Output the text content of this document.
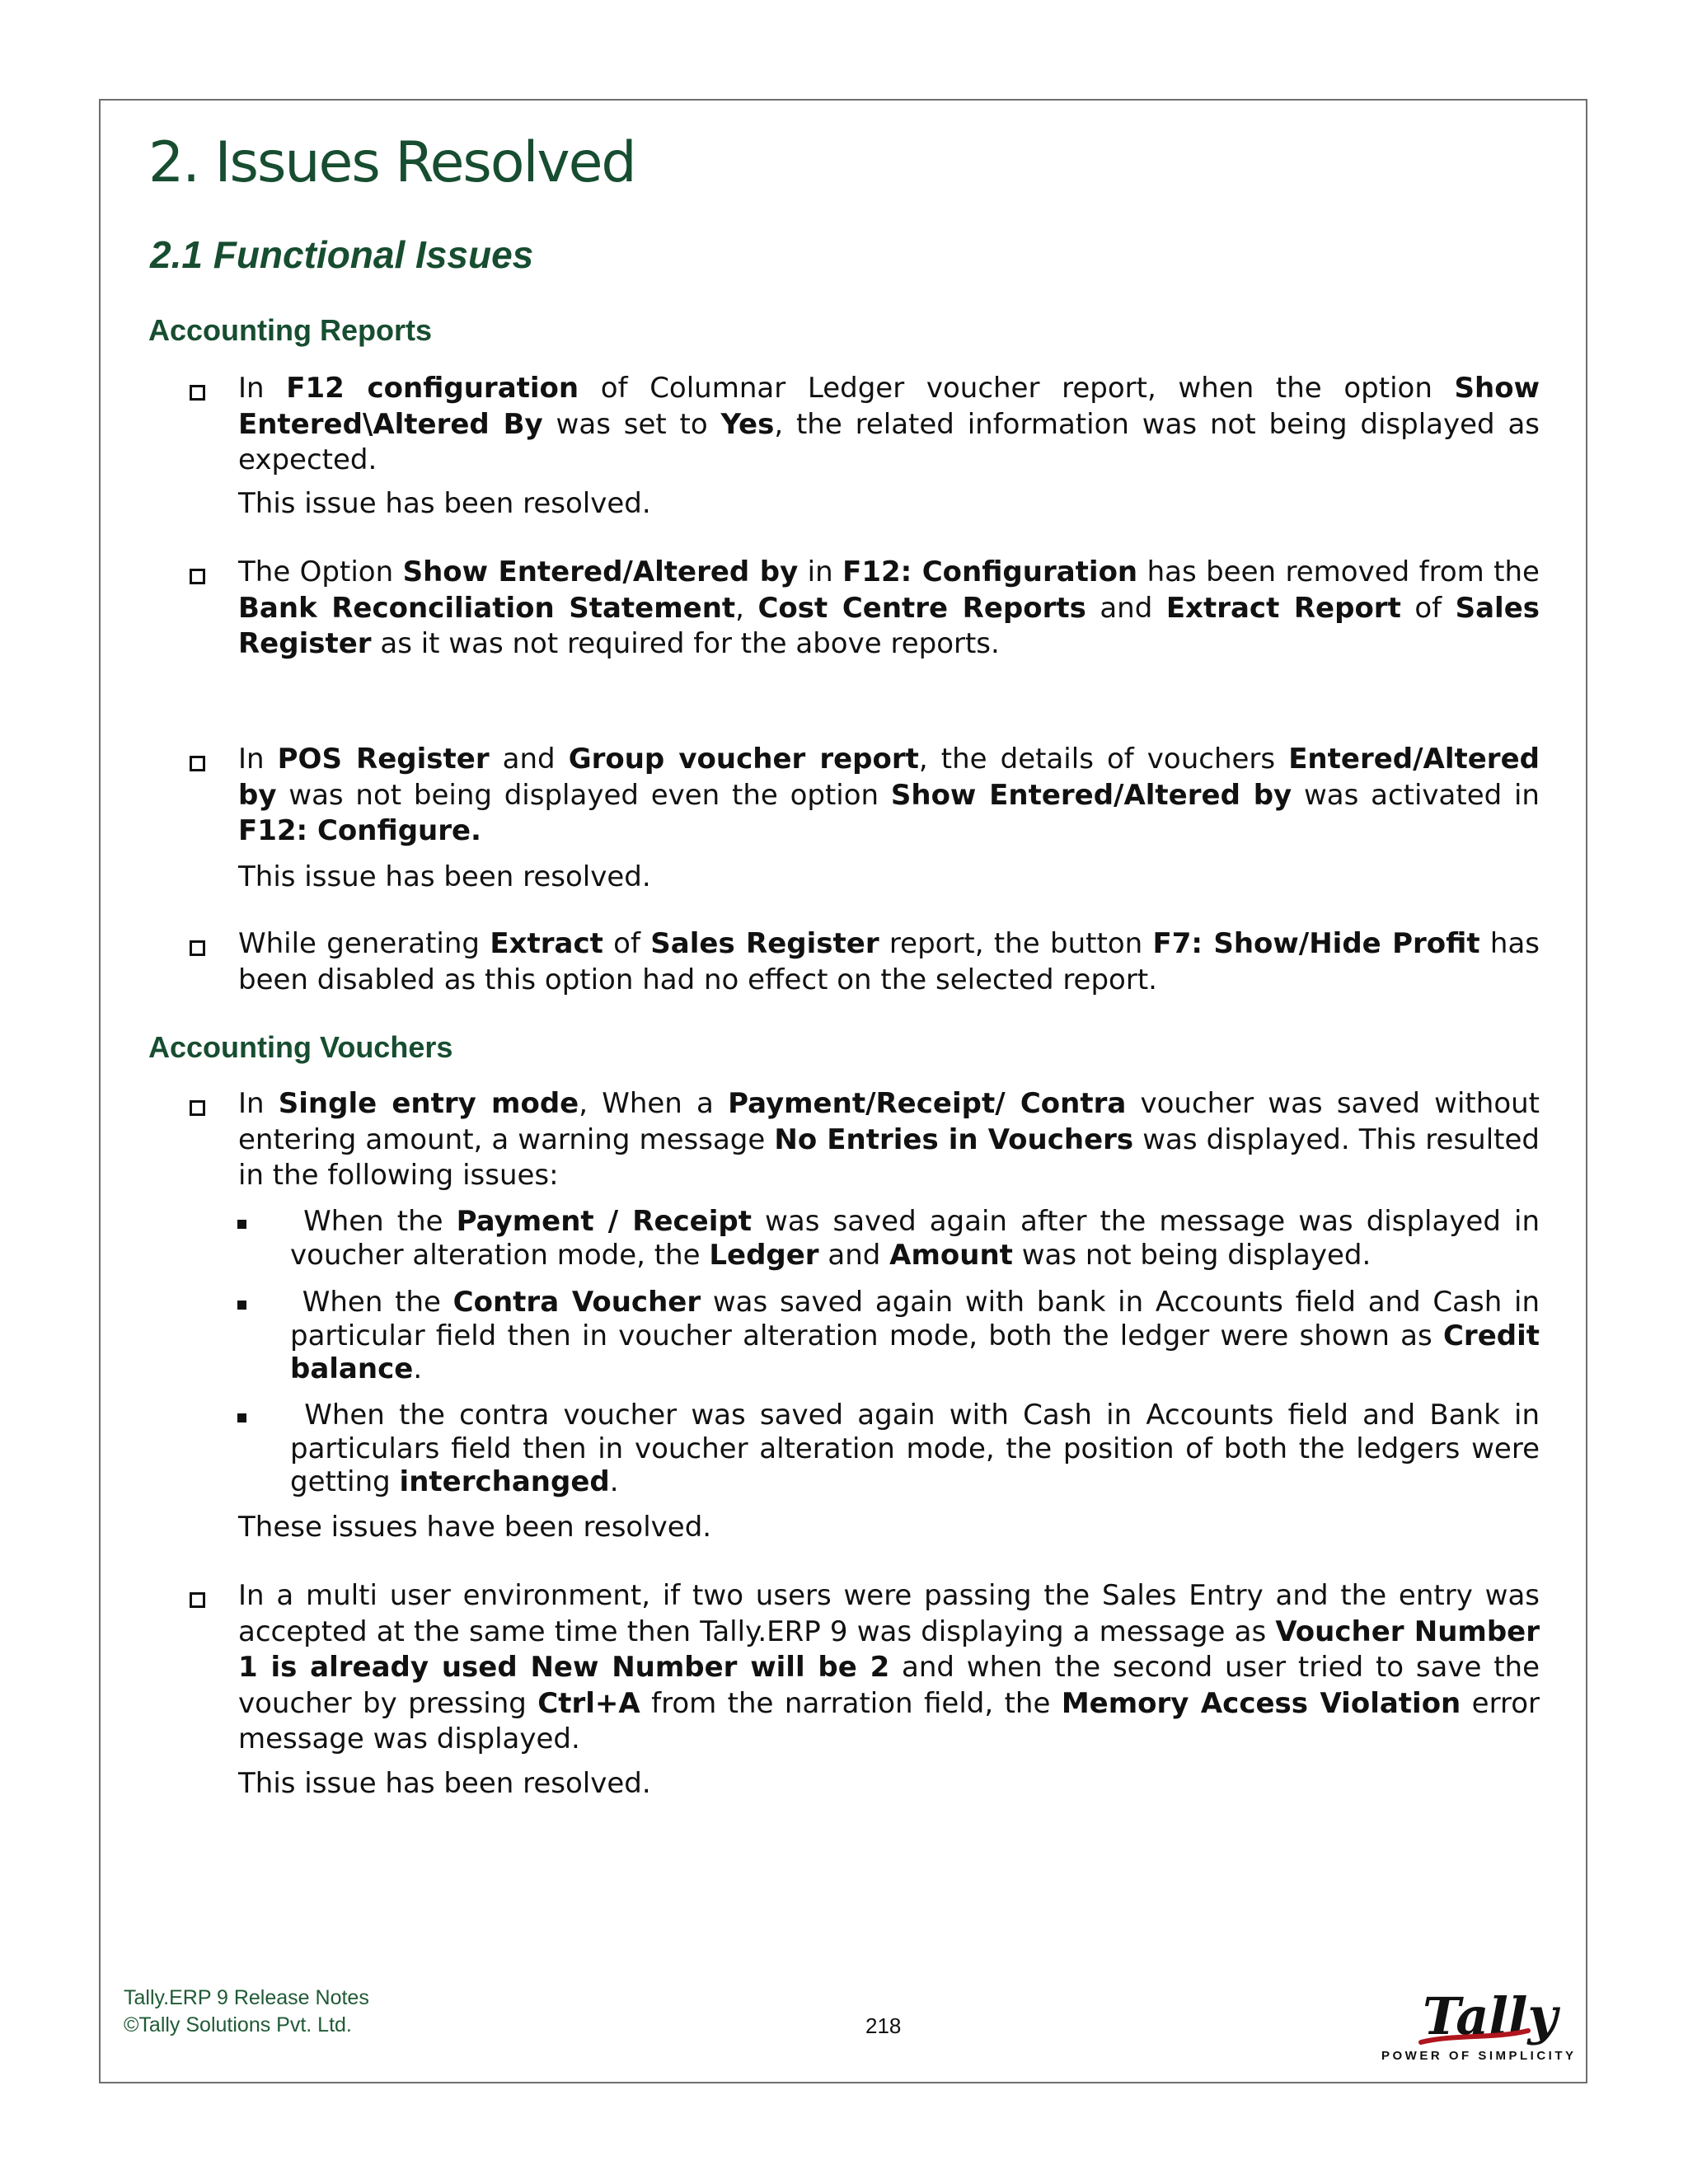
2. Issues Resolved
2.1 Functional Issues
Accounting Reports

In F12 configuration of Columnar Ledger voucher report, when the option Show Entered\Altered By was set to Yes, the related information was not being displayed as expected.

This issue has been resolved.

The Option Show Entered/Altered by in F12: Configuration has been removed from the Bank Reconciliation Statement, Cost Centre Reports and Extract Report of Sales Register as it was not required for the above reports.

In POS Register and Group voucher report, the details of vouchers Entered/Altered by was not being displayed even the option Show Entered/Altered by was activated in F12: Configure.

This issue has been resolved.

While generating Extract of Sales Register report, the button F7: Show/Hide Profit has been disabled as this option had no effect on the selected report.

Accounting Vouchers

In Single entry mode, When a Payment/Receipt/ Contra voucher was saved without entering amount, a warning message No Entries in Vouchers was displayed. This resulted in the following issues:

When the Payment / Receipt was saved again after the message was displayed in voucher alteration mode, the Ledger and Amount was not being displayed.

When the Contra Voucher was saved again with bank in Accounts field and Cash in particular field then in voucher alteration mode, both the ledger were shown as Credit balance.

When the contra voucher was saved again with Cash in Accounts field and Bank in particulars field then in voucher alteration mode, the position of both the ledgers were getting interchanged.

These issues have been resolved.

In a multi user environment, if two users were passing the Sales Entry and the entry was accepted at the same time then Tally.ERP 9 was displaying a message as Voucher Number 1 is already used New Number will be 2 and when the second user tried to save the voucher by pressing Ctrl+A from the narration field, the Memory Access Violation error message was displayed.

This issue has been resolved.
Tally.ERP 9 Release Notes
©Tally Solutions Pvt. Ltd.	218	Tally
POWER OF SIMPLICITY
